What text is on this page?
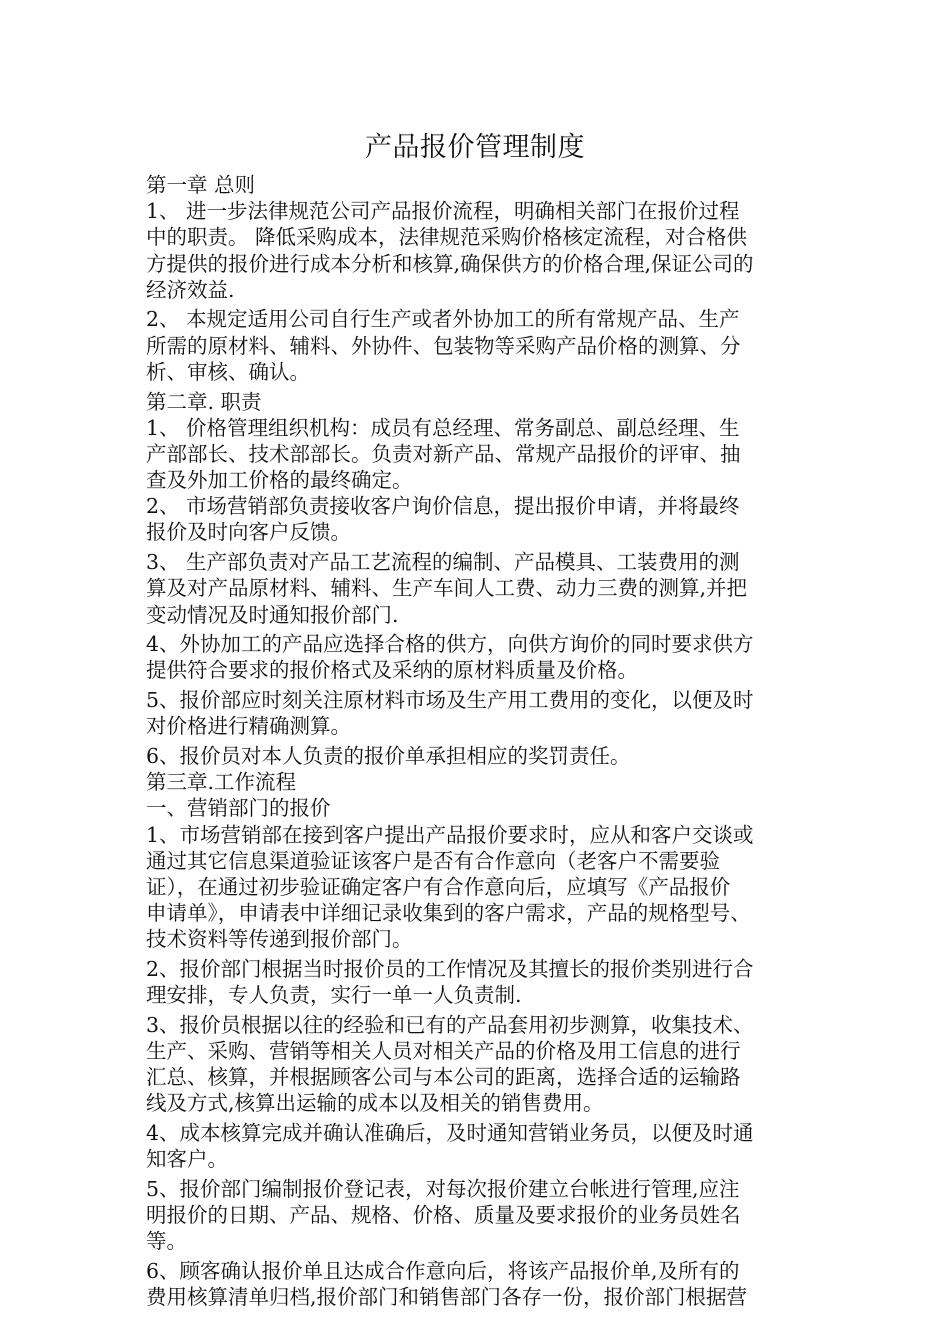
产品报价管理制度
第一章 总则
1、 进一步法律规范公司产品报价流程，明确相关部门在报价过程
中的职责。 降低采购成本，法律规范采购价格核定流程，对合格供
方提供的报价进行成本分析和核算,确保供方的价格合理,保证公司的
经济效益.
2、 本规定适用公司自行生产或者外协加工的所有常规产品、生产
所需的原材料、辅料、外协件、包装物等采购产品价格的测算、分
析、审核、确认。
第二章. 职责
1、 价格管理组织机构：成员有总经理、常务副总、副总经理、生
产部部长、技术部部长。负责对新产品、常规产品报价的评审、抽
查及外加工价格的最终确定。
2、 市场营销部负责接收客户询价信息，提出报价申请，并将最终
报价及时向客户反馈。
3、 生产部负责对产品工艺流程的编制、产品模具、工装费用的测
算及对产品原材料、辅料、生产车间人工费、动力三费的测算,并把
变动情况及时通知报价部门.
4、外协加工的产品应选择合格的供方，向供方询价的同时要求供方
提供符合要求的报价格式及采纳的原材料质量及价格。
5、报价部应时刻关注原材料市场及生产用工费用的变化，以便及时
对价格进行精确测算。
6、报价员对本人负责的报价单承担相应的奖罚责任。
第三章.工作流程
一、营销部门的报价
1、市场营销部在接到客户提出产品报价要求时，应从和客户交谈或
通过其它信息渠道验证该客户是否有合作意向（老客户不需要验
证），在通过初步验证确定客户有合作意向后，应填写《产品报价
申请单》，申请表中详细记录收集到的客户需求，产品的规格型号、
技术资料等传递到报价部门。
2、报价部门根据当时报价员的工作情况及其擅长的报价类别进行合
理安排，专人负责，实行一单一人负责制.
3、报价员根据以往的经验和已有的产品套用初步测算，收集技术、
生产、采购、营销等相关人员对相关产品的价格及用工信息的进行
汇总、核算，并根据顾客公司与本公司的距离，选择合适的运输路
线及方式,核算出运输的成本以及相关的销售费用。
4、成本核算完成并确认准确后，及时通知营销业务员，以便及时通
知客户。
5、报价部门编制报价登记表，对每次报价建立台帐进行管理,应注
明报价的日期、产品、规格、价格、质量及要求报价的业务员姓名
等。
6、顾客确认报价单且达成合作意向后，将该产品报价单,及所有的
费用核算清单归档,报价部门和销售部门各存一份，报价部门根据营
